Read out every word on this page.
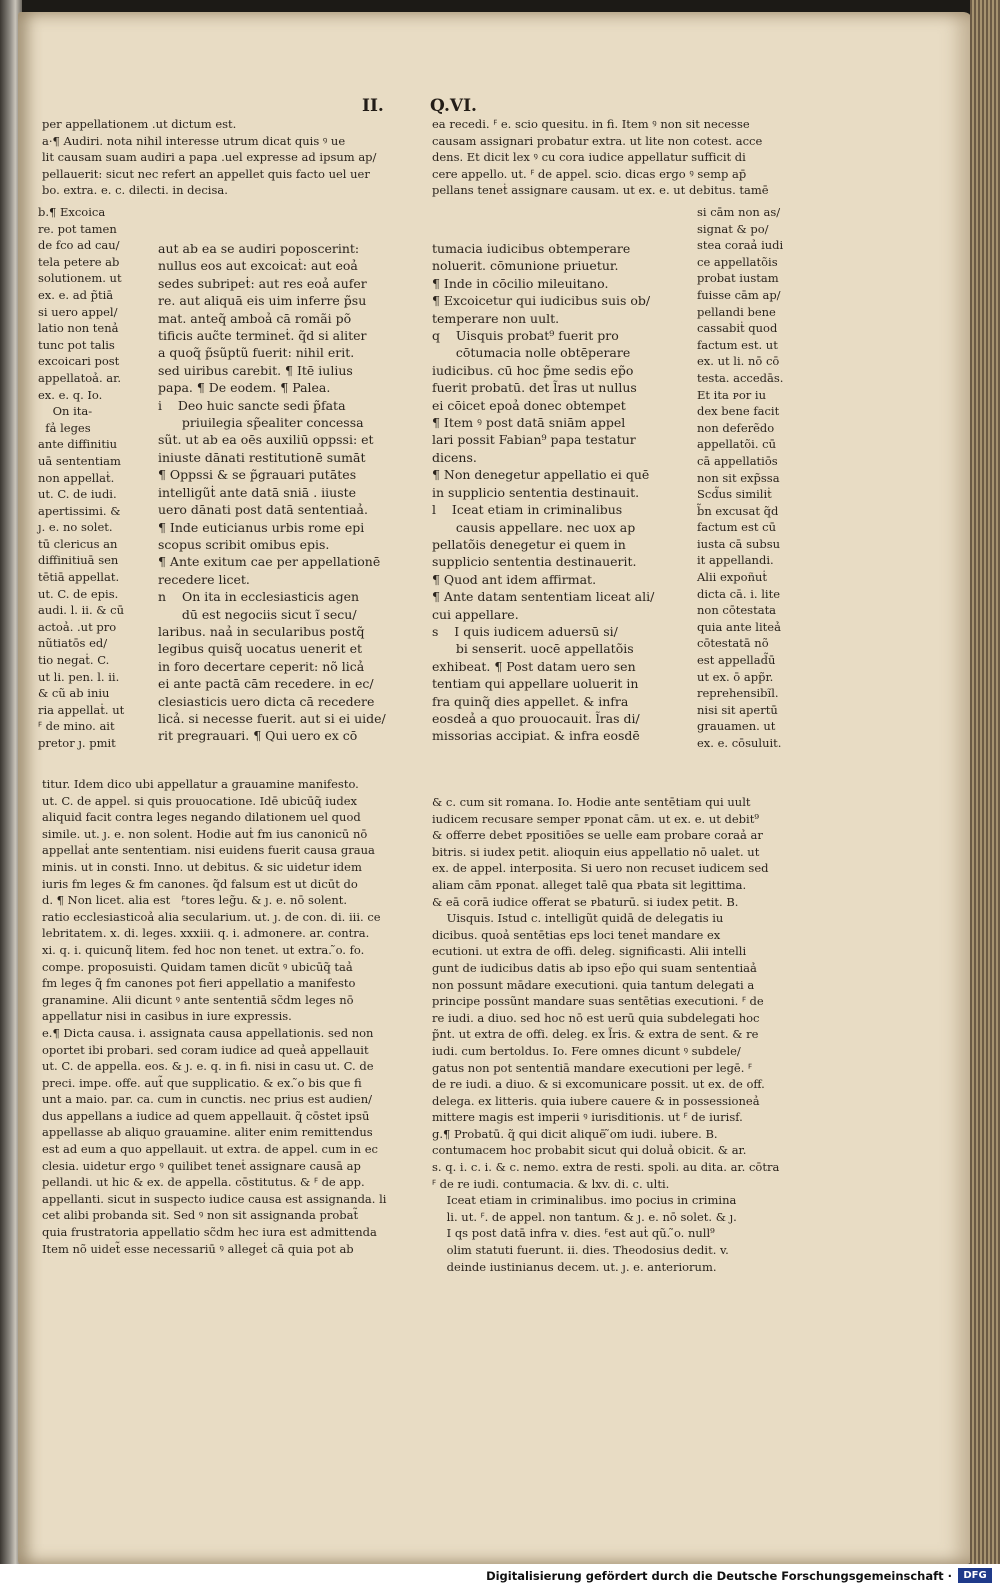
II.	Q.VI.
per appellationem .ut dictum est.
a·¶ Audiri. nota nihil interesse utrum dicat quis ꝰ ue
lit causam suam audiri a papa .uel expresse ad ipsum ap/
pellauerit: sicut nec refert an appellet quis facto uel uer
bo. extra. e. c. dilecti. in decisa.
ea recedi. ꟳ e. scio quesitu. in fi. Item ꝰ non sit necesse
causam assignari probatur extra. ut lite non cotest. acce
dens. Et dicit lex ꝰ cu cora iudice appellatur sufficit di
cere appello. ut. ꟳ de appel. scio. dicas ergo ꝰ semp ap̄
pellans teneṫ assignare causam. ut ex. e. ut debitus. tamē
b.¶ Excoica
re. pot tamen
de fco ad cau/
tela petere ab
solutionem. ut
ex. e. ad p̃tiā
si uero appel/
latio non tenả
tunc pot talis
excoicari post
appellatoả. ar.
ex. e. q. Io.
On ita-
fả leges
ante diffinitiu
uā sententiam
non appellaṫ.
ut. C. de iudi.
apertissimi. &
ȷ. e. no solet.
tū clericus an
diffinitiuā sen
tētiā appellat.
ut. C. de epis.
audi. l. ii. & cū
actoả. .ut pro
nũtiatōs ed/
tio negaṫ. C.
ut li. pen. l. ii.
& cũ ab iniu
ria appellaṫ. ut
ꟳ de mino. ait
pretor ȷ. pmit
aut ab ea se audiri poposcerint:
nullus eos aut excoicaṫ: aut eoả
sedes subripeṫ: aut res eoả aufer
re. aut aliquā eis uim inferre p̃su
mat. anteq̃ amboả cā romãi põ
tificis auc̃te termineṫ. q̃d si aliter
a quoq̃ p̃sũptũ fuerit: nihil erit.
sed uiribus carebit. ¶ Itē iulius
papa. ¶ De eodem. ¶ Palea.
i    Deo huic sancte sedi p̃fata
priuilegia sp̃ealiter concessa
sũt. ut ab ea oēs auxiliū oppssi: et
iniuste dānati restitutionē sumāt
¶ Oppssi & se p̃grauari putātes
intelligũṫ ante datā sniā . iiuste
uero dānati post datā sententiaả.
¶ Inde euticianus urbis rome epi
scopus scribit omibus epis.
¶ Ante exitum cae per appellationē
recedere licet.
n    On ita in ecclesiasticis agen
dū est negociis sicut ĩ secu/
laribus. naả in secularibus postq̃
legibus quisq̃ uocatus uenerit et
in foro decertare ceperit: nõ licả
ei ante pactā cām recedere. in ec/
clesiasticis uero dicta cā recedere
licả. si necesse fuerit. aut si ei uide/
rit pregrauari. ¶ Qui uero ex cō
tumacia iudicibus obtemperare
noluerit. cōmunione priuetur.
¶ Inde in cōcilio mileuitano.
¶ Excoicetur qui iudicibus suis ob/
temperare non uult.
q    Uisquis probat⁹ fuerit pro
cōtumacia nolle obtēperare
iudicibus. cū hoc p̃me sedis ep̃o
fuerit probatū. det l̃ras ut nullus
ei cōicet epoả donec obtempet
¶ Item ꝰ post datā sniām appel
lari possit Fabian⁹ papa testatur
dicens.
¶ Non denegetur appellatio ei quē
in supplicio sententia destinauit.
l    Iceat etiam in criminalibus
causis appellare. nec uox ap
pellatõis denegetur ei quem in
supplicio sententia destinauerit.
¶ Quod ant idem affirmat.
¶ Ante datam sententiam liceat ali/
cui appellare.
s    I quis iudicem aduersū si/
bi senserit. uocē appellatõis
exhibeat. ¶ Post datam uero sen
tentiam qui appellare uoluerit in
fra quinq̃ dies appellet. & infra
eosdeả a quo prouocauit. l̃ras di/
missorias accipiat. & infra eosdē
si cām non as/
signat & po/
stea coraả iudi
ce appellatõis
probat iustam
fuisse cām ap/
pellandi bene
cassabiṫ quod
factum est. ut
ex. ut li. nō cō
testa. accedās.
Et ita ᴘor iu
dex bene facit
non deferẽdo
appellatõi. cū
cā appellatiōs
non sit exp̃ssa
Scd̃us similiṫ
b̃n excusat q̃d
factum est cū
iusta cā subsu
it appellandi.
Alii expoñuṫ
dicta cā. i. lite
non cōtestata
quia ante liteả
cōtestatā nõ
est appellad̃ū
ut ex. ō app̃r.
reprehensibĩl.
nisi sit apertū
grauamen. ut
ex. e. cōsuluit.
titur. Idem dico ubi appellatur a grauamine manifesto.
ut. C. de appel. si quis prouocatione. Idē ubicūq̃ iudex
aliquid facit contra leges negando dilationem uel quod
simile. ut. ȷ. e. non solent. Hodie auṫ fm ius canonicū nō
appellaṫ ante sententiam. nisi euidens fuerit causa graua
minis. ut in consti. Inno. ut debitus. & sic uidetur idem
iuris fm leges & fm canones. q̃d falsum est ut dicūt do
d. ¶ Non licet. alia est   ꟳtores leg̃u. & ȷ. e. nō solent.
ratio ecclesiasticoả alia secularium. ut. ȷ. de con. di. iii. ce
lebritatem. x. di. leges. xxxiii. q. i. admonere. ar. contra.
xi. q. i. quicunq̃ litem. fed hoc non tenet. ut extra. ̃o. fo.
compe. proposuisti. Quidam tamen dicũt ꝰ ubicūq̃ taả
fm leges q̃ fm canones pot fieri appellatio a manifesto
granamine. Alii dicunt ꝰ ante sententiā sc̃dm leges nō
appellatur nisi in casibus in iure expressis.
e.¶ Dicta causa. i. assignata causa appellationis. sed non
oportet ibi probari. sed coram iudice ad queả appellauit
ut. C. de appella. eos. & ȷ. e. q. in fi. nisi in casu ut. C. de
preci. impe. offe. aut̃ que supplicatio. & ex. ̃o bis que fi
unt a maio. par. ca. cum in cunctis. nec prius est audien/
dus appellans a iudice ad quem appellauit. q̃ cōstet ipsū
appellasse ab aliquo grauamine. aliter enim remittendus
est ad eum a quo appellauit. ut extra. de appel. cum in ec
clesia. uidetur ergo ꝰ quilibet teneṫ assignare causā ap
pellandi. ut hic & ex. de appella. cōstitutus. & ꟳ de app.
appellanti. sicut in suspecto iudice causa est assignanda. li
cet alibi probanda sit. Sed ꝰ non sit assignanda probat̃
quia frustratoria appellatio sc̃dm hec iura est admittenda
Item nõ uidet̃ esse necessariū ꝰ allegeṫ cā quia pot ab
& c. cum sit romana. Io. Hodie ante sentētiam qui uult
iudicem recusare semper ᴘponat cām. ut ex. e. ut debit⁹
& offerre debet ᴘpositiōes se uelle eam probare coraả ar
bitris. si iudex petit. alioquin eius appellatio nō ualet. ut
ex. de appel. interposita. Si uero non recuset iudicem sed
aliam cām ᴘponat. alleget talē qua ᴘbata sit legittima.
& eā corā iudice offerat se ᴘbaturū. si iudex petit. B.
Uisquis. Istud c. intelligũt quidā de delegatis iu
dicibus. quoả sentētias eps loci teneṫ mandare ex
ecutioni. ut extra de offi. deleg. significasti. Alii intelli
gunt de iudicibus datis ab ipso ep̃o qui suam sententiaả
non possunt mādare executioni. quia tantum delegati a
principe possũnt mandare suas sentētias executioni. ꟳ de
re iudi. a diuo. sed hoc nō est uerū quia subdelegati hoc
p̃nt. ut extra de offi. deleg. ex l̃ris. & extra de sent. & re
iudi. cum bertoldus. Io. Fere omnes dicunt ꝰ subdele/
gatus non pot sententiā mandare executioni per legē. ꟳ
de re iudi. a diuo. & si excomunicare possit. ut ex. de off.
delega. ex litteris. quia iubere cauere & in possessioneả
mittere magis est imperii ꝰ iurisditionis. ut ꟳ de iurisf.
g.¶ Probatū. q̃ qui dicit aliquē ̃om iudi. iubere. B.
contumacem hoc probabit sicut qui doluả obicit. & ar.
s. q. i. c. i. & c. nemo. extra de resti. spoli. au dita. ar. cōtra
ꟳ de re iudi. contumacia. & lxv. di. c. ulti.
Iceat etiam in criminalibus. imo pocius in crimina
li. ut. ꟳ. de appel. non tantum. & ȷ. e. nō solet. & ȷ.
I qs post datā infra v. dies. ꟳest auṫ qũ. ̃o. null⁹
olim statuti fuerunt. ii. dies. Theodosius dedit. v.
deinde iustinianus decem. ut. ȷ. e. anteriorum.
Digitalisierung gefördert durch die Deutsche Forschungsgemeinschaft ·	DFG
